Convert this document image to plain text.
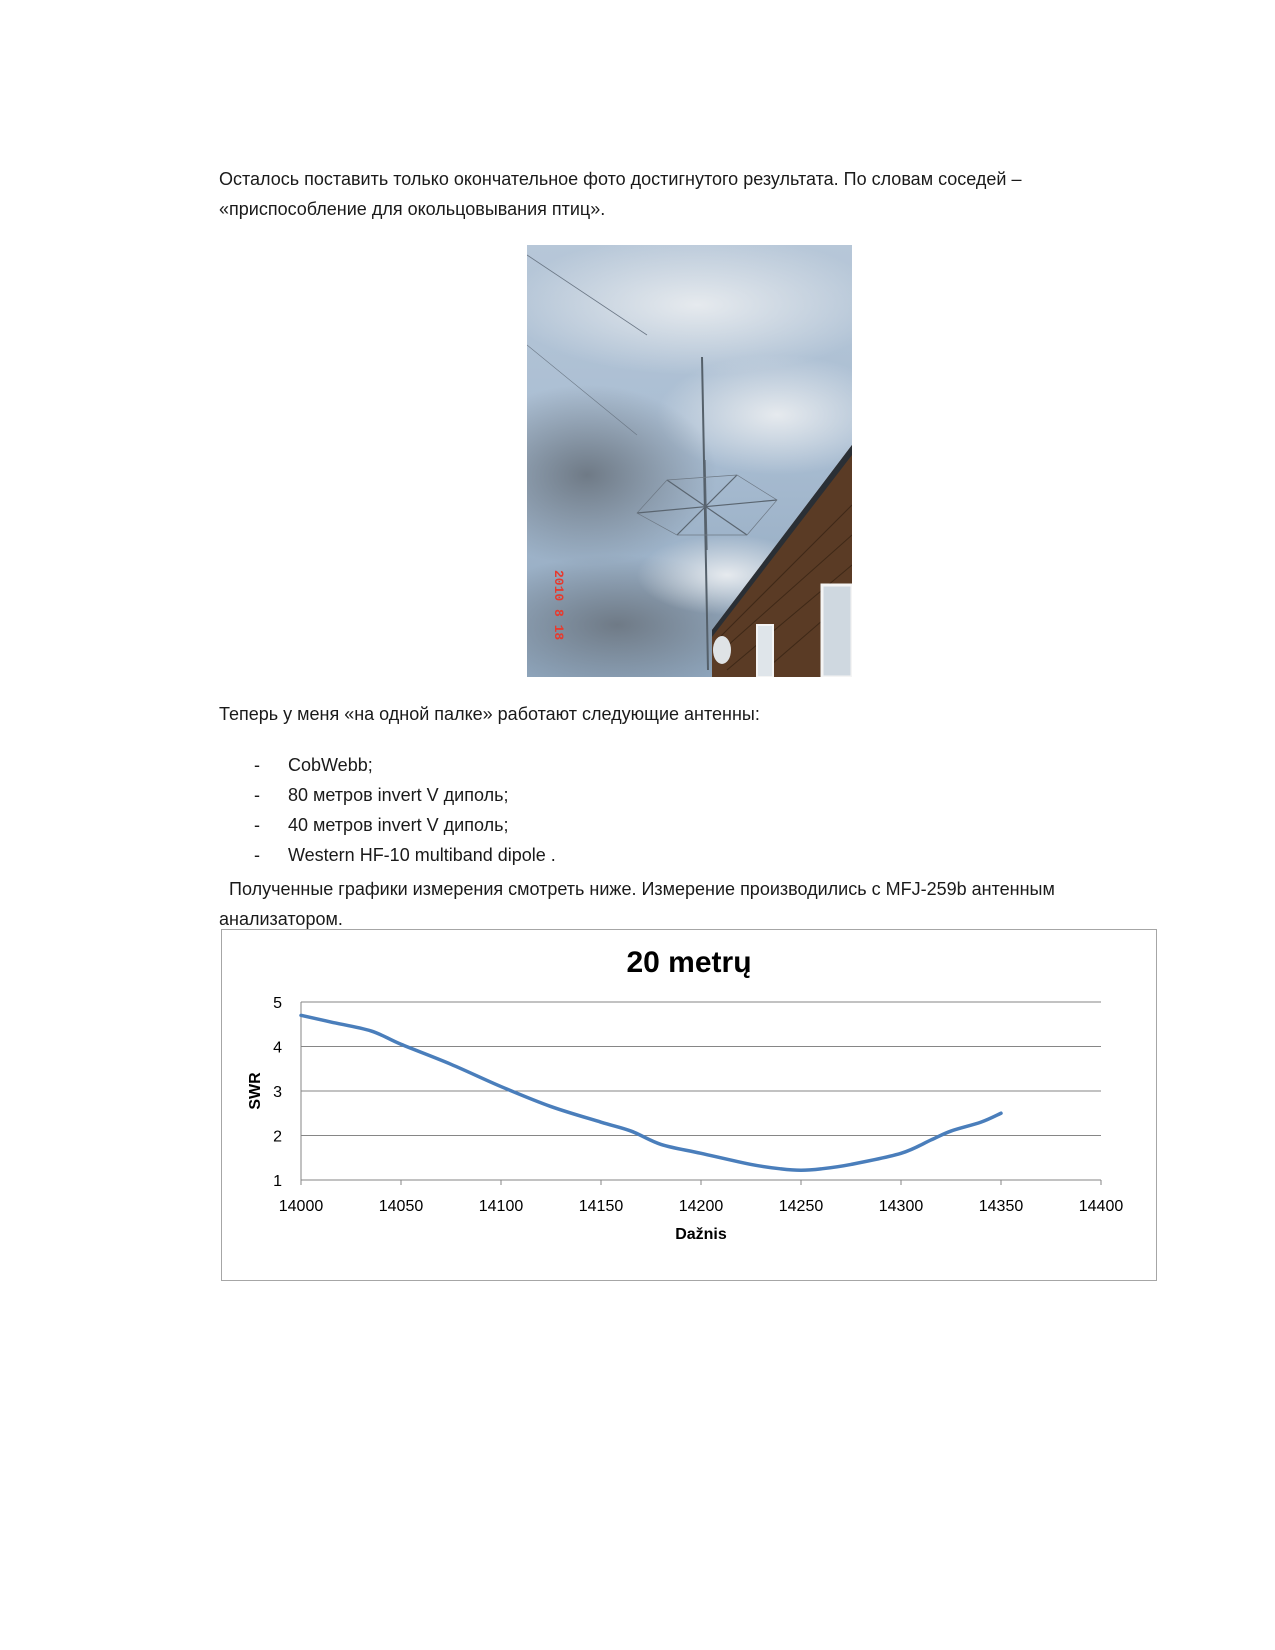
Осталось поставить только окончательное фото достигнутого результата. По словам соседей – «приспособление для окольцовывания птиц».

2010 8 18

Теперь у меня «на одной палке» работают следующие антенны:

- CobWebb;
- 80 метров invert V диполь;
- 40 метров invert V диполь;
- Western HF-10 multiband dipole .

Полученные графики измерения смотреть ниже. Измерение производились с MFJ-259b антенным анализатором.

20 metrų
1
2
3
4
5
14000	14050	14100	14150	14200	14250	14300	14350	14400
Dažnis
SWR
